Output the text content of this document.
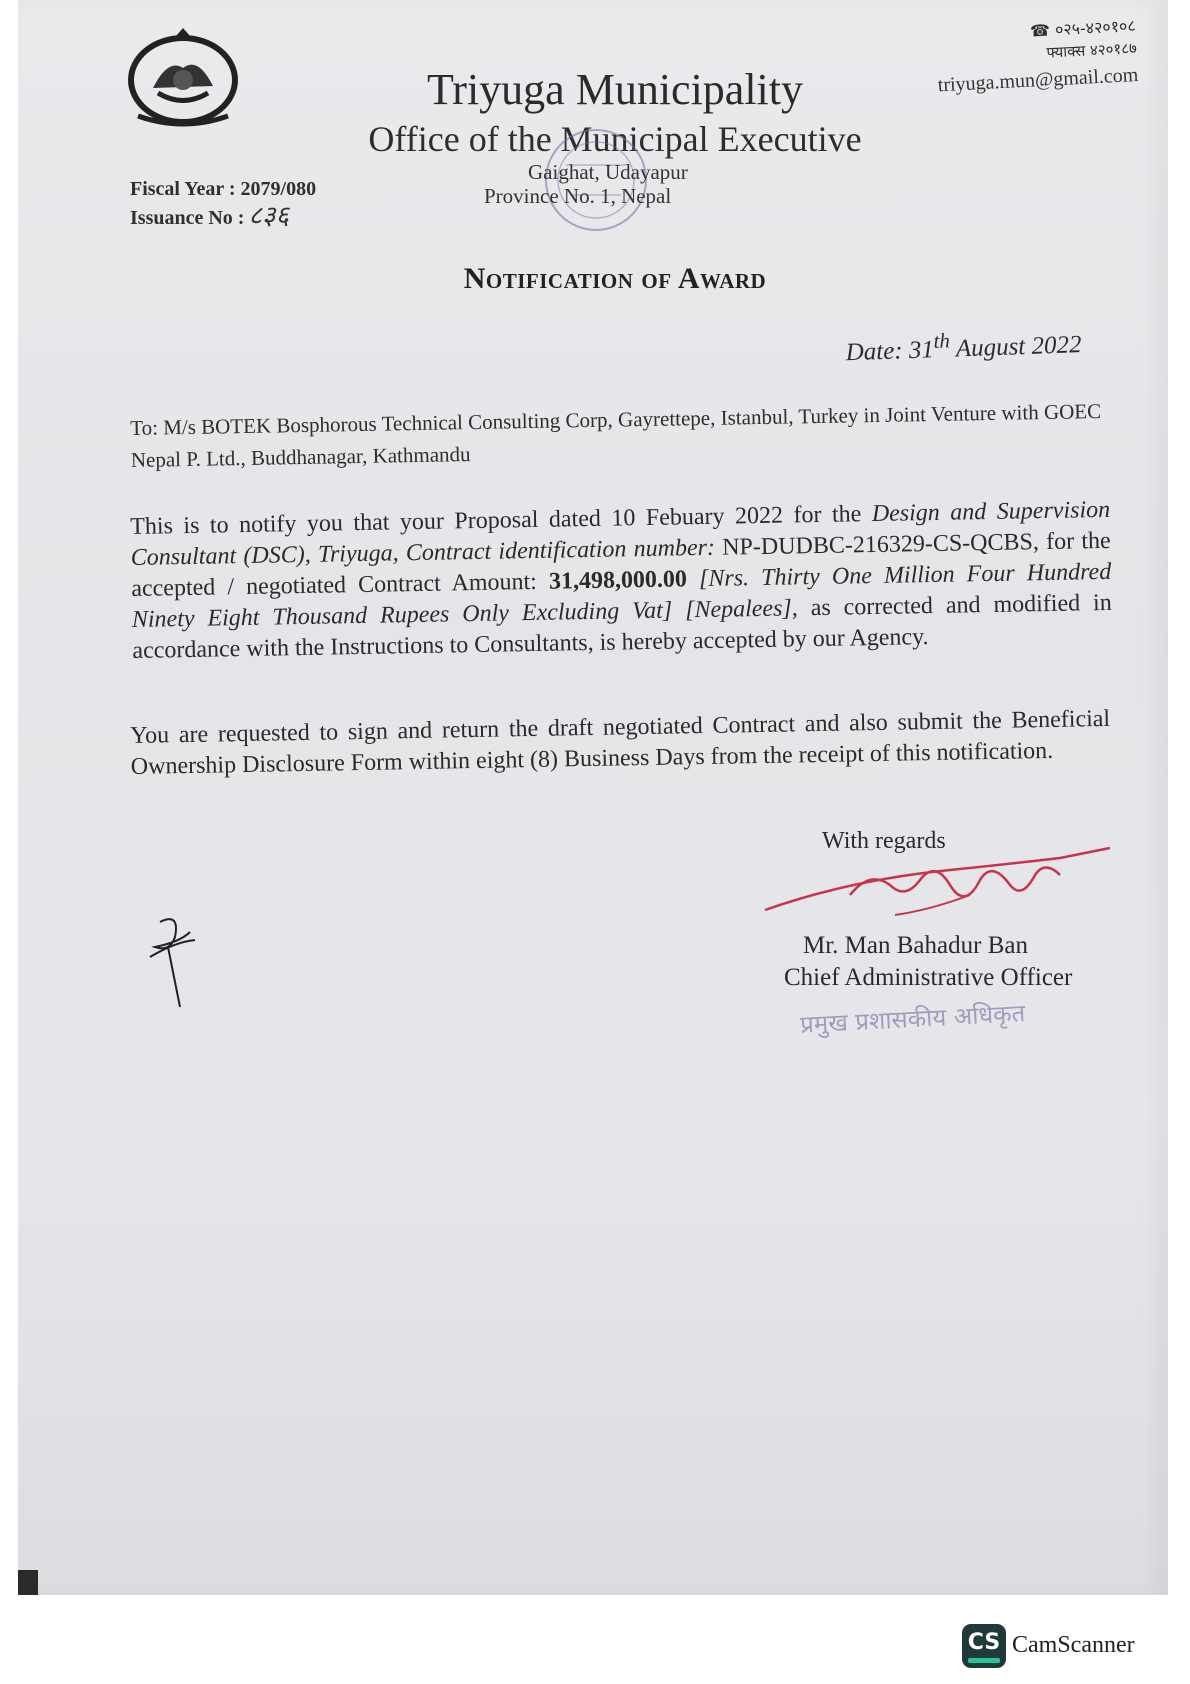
☎ ०२५-४२०१०८
फ्याक्स ४२०१८७
triyuga.mun@gmail.com
Triyuga Municipality
Office of the Municipal Executive
Gaighat, Udayapur
Province No. 1, Nepal
Fiscal Year : 2079/080
Issuance No : ८३६
Notification of Award
Date: 31th August 2022
To: M/s BOTEK Bosphorous Technical Consulting Corp, Gayrettepe, Istanbul, Turkey in Joint Venture with GOEC Nepal P. Ltd., Buddhanagar, Kathmandu
This is to notify you that your Proposal dated 10 Febuary 2022 for the Design and Supervision Consultant (DSC), Triyuga, Contract identification number: NP-DUDBC-216329-CS-QCBS, for the accepted / negotiated Contract Amount: 31,498,000.00 [Nrs. Thirty One Million Four Hundred Ninety Eight Thousand Rupees Only Excluding Vat] [Nepalees], as corrected and modified in accordance with the Instructions to Consultants, is hereby accepted by our Agency.
You are requested to sign and return the draft negotiated Contract and also submit the Beneficial Ownership Disclosure Form within eight (8) Business Days from the receipt of this notification.
With regards
Mr. Man Bahadur Ban
Chief Administrative Officer
प्रमुख प्रशासकीय अधिकृत
CS CamScanner
